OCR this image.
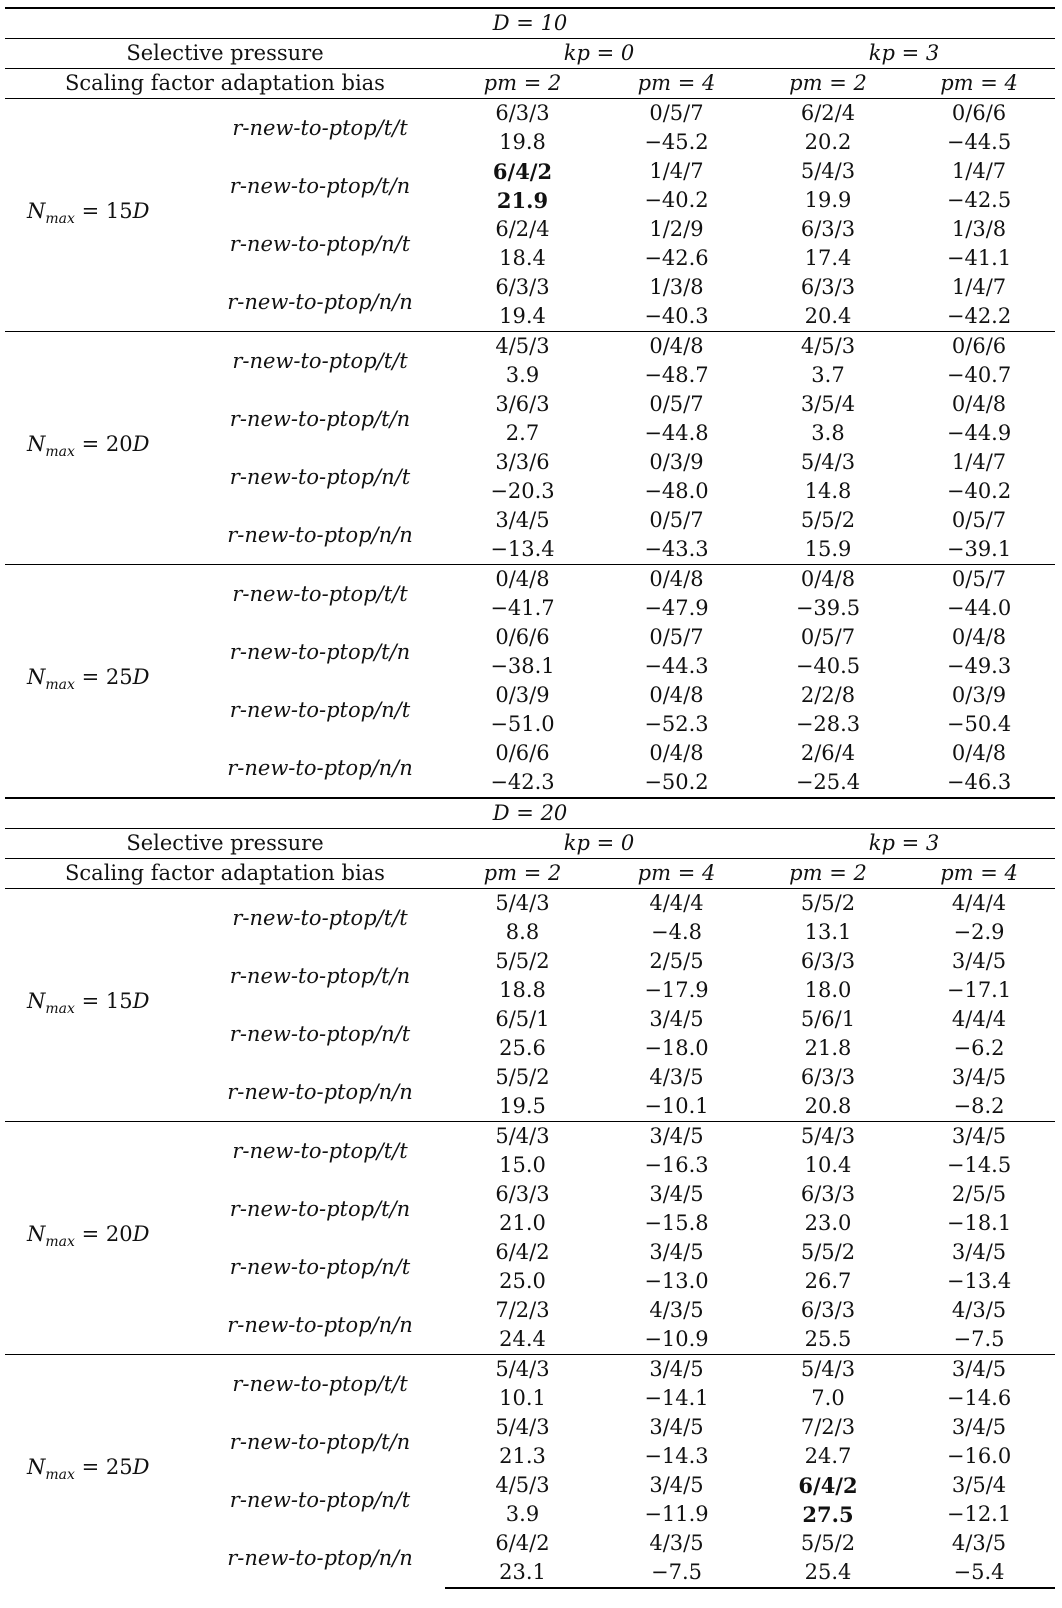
D = 10					
Selective pressure		kp = 0		kp = 3	
Scaling factor adaptation bias		pm = 2	pm = 4	pm = 2	pm = 4
$N_{max} = 15D$	r-new-to-ptop/t/t	6/3/3	0/5/7	6/2/4	0/6/6
		19.8	−45.2	20.2	−44.5
	r-new-to-ptop/t/n	6/4/2	1/4/7	5/4/3	1/4/7
		21.9	−40.2	19.9	−42.5
	r-new-to-ptop/n/t	6/2/4	1/2/9	6/3/3	1/3/8
		18.4	−42.6	17.4	−41.1
	r-new-to-ptop/n/n	6/3/3	1/3/8	6/3/3	1/4/7
		19.4	−40.3	20.4	−42.2
$N_{max} = 20D$	r-new-to-ptop/t/t	4/5/3	0/4/8	4/5/3	0/6/6
		3.9	−48.7	3.7	−40.7
	r-new-to-ptop/t/n	3/6/3	0/5/7	3/5/4	0/4/8
		2.7	−44.8	3.8	−44.9
	r-new-to-ptop/n/t	3/3/6	0/3/9	5/4/3	1/4/7
		−20.3	−48.0	14.8	−40.2
	r-new-to-ptop/n/n	3/4/5	0/5/7	5/5/2	0/5/7
		−13.4	−43.3	15.9	−39.1
$N_{max} = 25D$	r-new-to-ptop/t/t	0/4/8	0/4/8	0/4/8	0/5/7
		−41.7	−47.9	−39.5	−44.0
	r-new-to-ptop/t/n	0/6/6	0/5/7	0/5/7	0/4/8
		−38.1	−44.3	−40.5	−49.3
	r-new-to-ptop/n/t	0/3/9	0/4/8	2/2/8	0/3/9
		−51.0	−52.3	−28.3	−50.4
	r-new-to-ptop/n/n	0/6/6	0/4/8	2/6/4	0/4/8
		−42.3	−50.2	−25.4	−46.3
D = 20					
Selective pressure		kp = 0		kp = 3	
Scaling factor adaptation bias		pm = 2	pm = 4	pm = 2	pm = 4
$N_{max} = 15D$	r-new-to-ptop/t/t	5/4/3	4/4/4	5/5/2	4/4/4
		8.8	−4.8	13.1	−2.9
	r-new-to-ptop/t/n	5/5/2	2/5/5	6/3/3	3/4/5
		18.8	−17.9	18.0	−17.1
	r-new-to-ptop/n/t	6/5/1	3/4/5	5/6/1	4/4/4
		25.6	−18.0	21.8	−6.2
	r-new-to-ptop/n/n	5/5/2	4/3/5	6/3/3	3/4/5
		19.5	−10.1	20.8	−8.2
$N_{max} = 20D$	r-new-to-ptop/t/t	5/4/3	3/4/5	5/4/3	3/4/5
		15.0	−16.3	10.4	−14.5
	r-new-to-ptop/t/n	6/3/3	3/4/5	6/3/3	2/5/5
		21.0	−15.8	23.0	−18.1
	r-new-to-ptop/n/t	6/4/2	3/4/5	5/5/2	3/4/5
		25.0	−13.0	26.7	−13.4
	r-new-to-ptop/n/n	7/2/3	4/3/5	6/3/3	4/3/5
		24.4	−10.9	25.5	−7.5
$N_{max} = 25D$	r-new-to-ptop/t/t	5/4/3	3/4/5	5/4/3	3/4/5
		10.1	−14.1	7.0	−14.6
	r-new-to-ptop/t/n	5/4/3	3/4/5	7/2/3	3/4/5
		21.3	−14.3	24.7	−16.0
	r-new-to-ptop/n/t	4/5/3	3/4/5	6/4/2	3/5/4
		3.9	−11.9	27.5	−12.1
	r-new-to-ptop/n/n	6/4/2	4/3/5	5/5/2	4/3/5
		23.1	−7.5	25.4	−5.4
